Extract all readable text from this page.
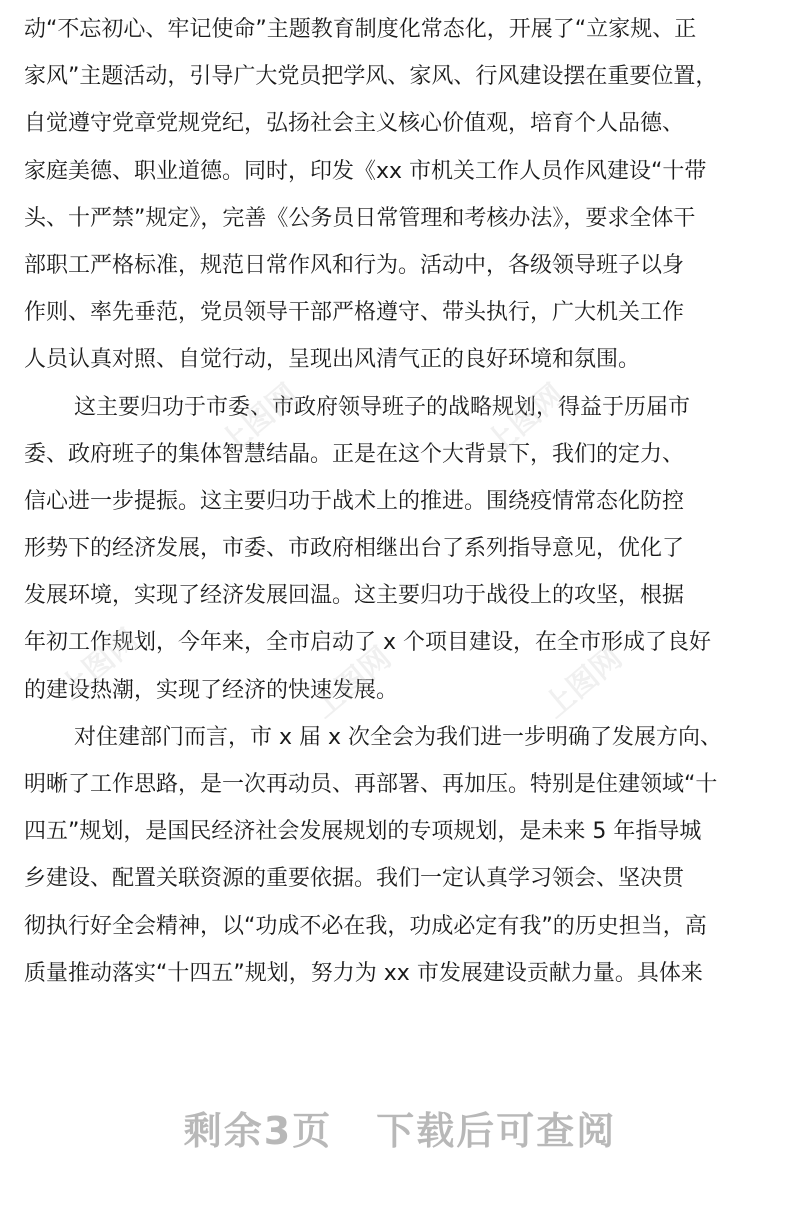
动“不忘初心、牢记使命”主题教育制度化常态化，开展了“立家规、正
家风”主题活动，引导广大党员把学风、家风、行风建设摆在重要位置，
自觉遵守党章党规党纪，弘扬社会主义核心价值观，培育个人品德、
家庭美德、职业道德。同时，印发《xx 市机关工作人员作风建设“十带
头、十严禁”规定》，完善《公务员日常管理和考核办法》，要求全体干
部职工严格标准，规范日常作风和行为。活动中，各级领导班子以身
作则、率先垂范，党员领导干部严格遵守、带头执行，广大机关工作
人员认真对照、自觉行动，呈现出风清气正的良好环境和氛围。
这主要归功于市委、市政府领导班子的战略规划，得益于历届市
委、政府班子的集体智慧结晶。正是在这个大背景下，我们的定力、
信心进一步提振。这主要归功于战术上的推进。围绕疫情常态化防控
形势下的经济发展，市委、市政府相继出台了系列指导意见，优化了
发展环境，实现了经济发展回温。这主要归功于战役上的攻坚，根据
年初工作规划，今年来，全市启动了 x 个项目建设，在全市形成了良好
的建设热潮，实现了经济的快速发展。
对住建部门而言，市 x 届 x 次全会为我们进一步明确了发展方向、
明晰了工作思路，是一次再动员、再部署、再加压。特别是住建领域“十
四五”规划，是国民经济社会发展规划的专项规划，是未来 5 年指导城
乡建设、配置关联资源的重要依据。我们一定认真学习领会、坚决贯
彻执行好全会精神，以“功成不必在我，功成必定有我”的历史担当，高
质量推动落实“十四五”规划，努力为 xx 市发展建设贡献力量。具体来
上图网	上图网
上图网	上图网	上图网
剩余3页 下载后可查阅
